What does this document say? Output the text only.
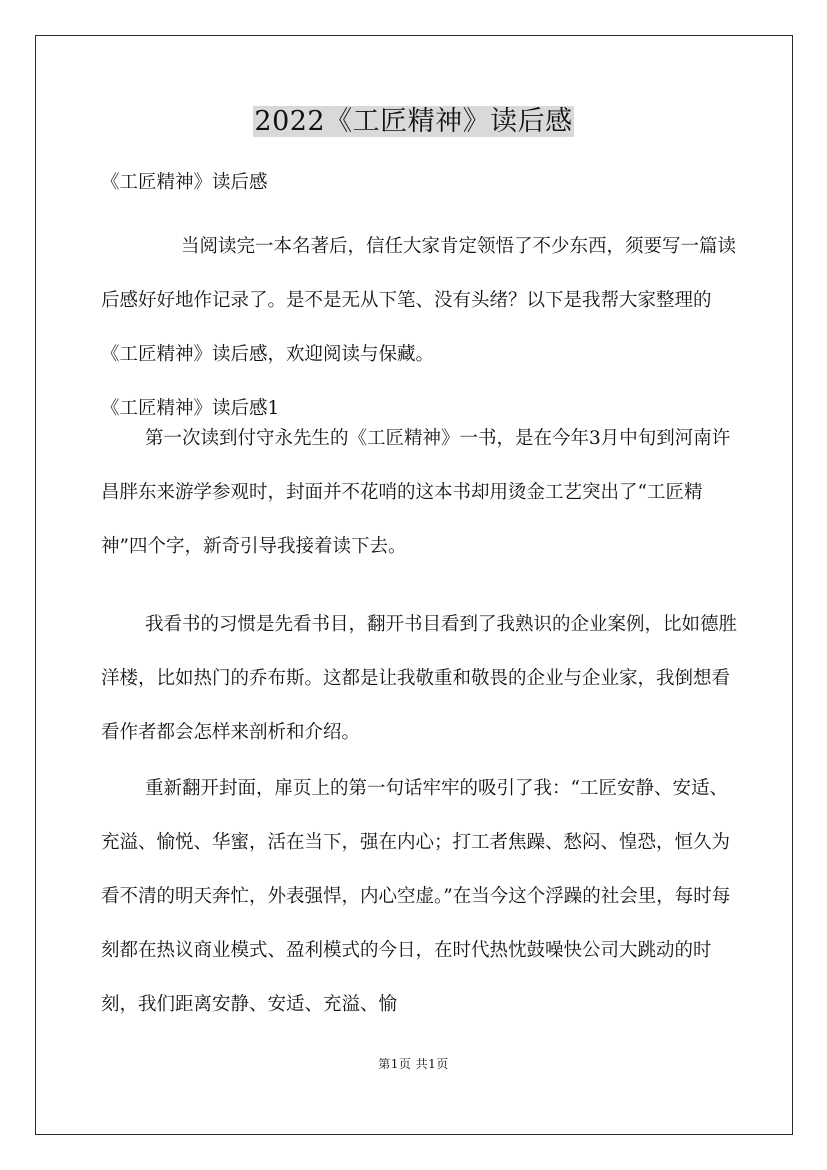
2022《工匠精神》读后感

《工匠精神》读后感

当阅读完一本名著后，信任大家肯定领悟了不少东西，须要写一篇读后感好好地作记录了。是不是无从下笔、没有头绪？以下是我帮大家整理的《工匠精神》读后感，欢迎阅读与保藏。

《工匠精神》读后感1

第一次读到付守永先生的《工匠精神》一书，是在今年3月中旬到河南许昌胖东来游学参观时，封面并不花哨的这本书却用烫金工艺突出了“工匠精神”四个字，新奇引导我接着读下去。

我看书的习惯是先看书目，翻开书目看到了我熟识的企业案例，比如德胜洋楼，比如热门的乔布斯。这都是让我敬重和敬畏的企业与企业家，我倒想看看作者都会怎样来剖析和介绍。

重新翻开封面，扉页上的第一句话牢牢的吸引了我：“工匠安静、安适、充溢、愉悦、华蜜，活在当下，强在内心；打工者焦躁、愁闷、惶恐，恒久为看不清的明天奔忙，外表强悍，内心空虚。”在当今这个浮躁的社会里，每时每刻都在热议商业模式、盈利模式的今日，在时代热忱鼓噪快公司大跳动的时刻，我们距离安静、安适、充溢、愉

第1页 共1页
